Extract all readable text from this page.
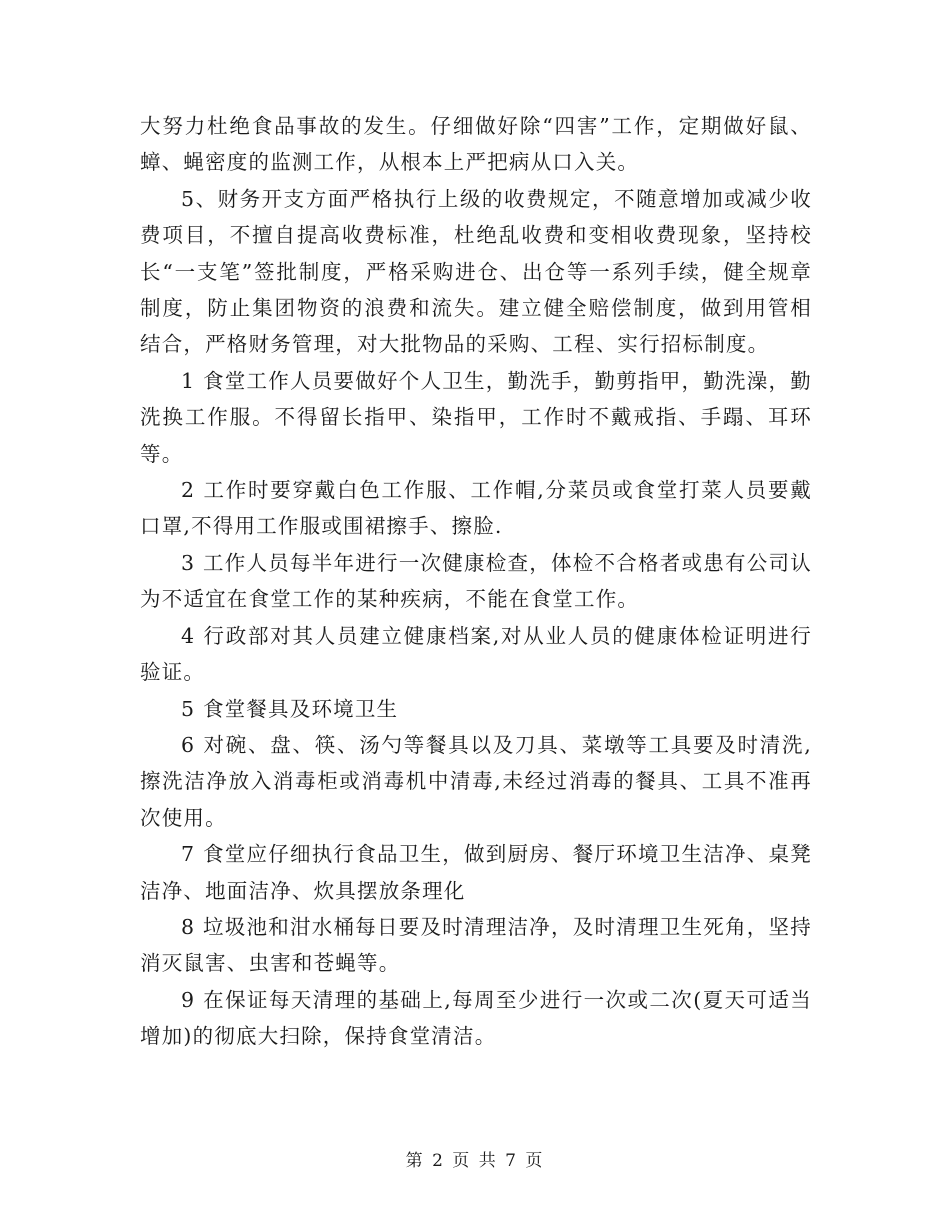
大努力杜绝食品事故的发生。仔细做好除“四害”工作，定期做好鼠、蟑、蝇密度的监测工作，从根本上严把病从口入关。

5、财务开支方面严格执行上级的收费规定，不随意增加或减少收费项目，不擅自提高收费标准，杜绝乱收费和变相收费现象，坚持校长“一支笔”签批制度，严格采购进仓、出仓等一系列手续，健全规章制度，防止集团物资的浪费和流失。建立健全赔偿制度，做到用管相结合，严格财务管理，对大批物品的采购、工程、实行招标制度。

1 食堂工作人员要做好个人卫生，勤洗手，勤剪指甲，勤洗澡，勤洗换工作服。不得留长指甲、染指甲，工作时不戴戒指、手蹋、耳环等。

2 工作时要穿戴白色工作服、工作帽,分菜员或食堂打菜人员要戴口罩,不得用工作服或围裙擦手、擦脸.

3 工作人员每半年进行一次健康检查，体检不合格者或患有公司认为不适宜在食堂工作的某种疾病，不能在食堂工作。

4 行政部对其人员建立健康档案,对从业人员的健康体检证明进行验证。

5 食堂餐具及环境卫生

6 对碗、盘、筷、汤勺等餐具以及刀具、菜墩等工具要及时清洗,擦洗洁净放入消毒柜或消毒机中清毒,未经过消毒的餐具、工具不准再次使用。

7 食堂应仔细执行食品卫生，做到厨房、餐厅环境卫生洁净、桌凳洁净、地面洁净、炊具摆放条理化

8 垃圾池和泔水桶每日要及时清理洁净，及时清理卫生死角，坚持消灭鼠害、虫害和苍蝇等。

9 在保证每天清理的基础上,每周至少进行一次或二次(夏天可适当增加)的彻底大扫除，保持食堂清洁。

第 2 页 共 7 页
